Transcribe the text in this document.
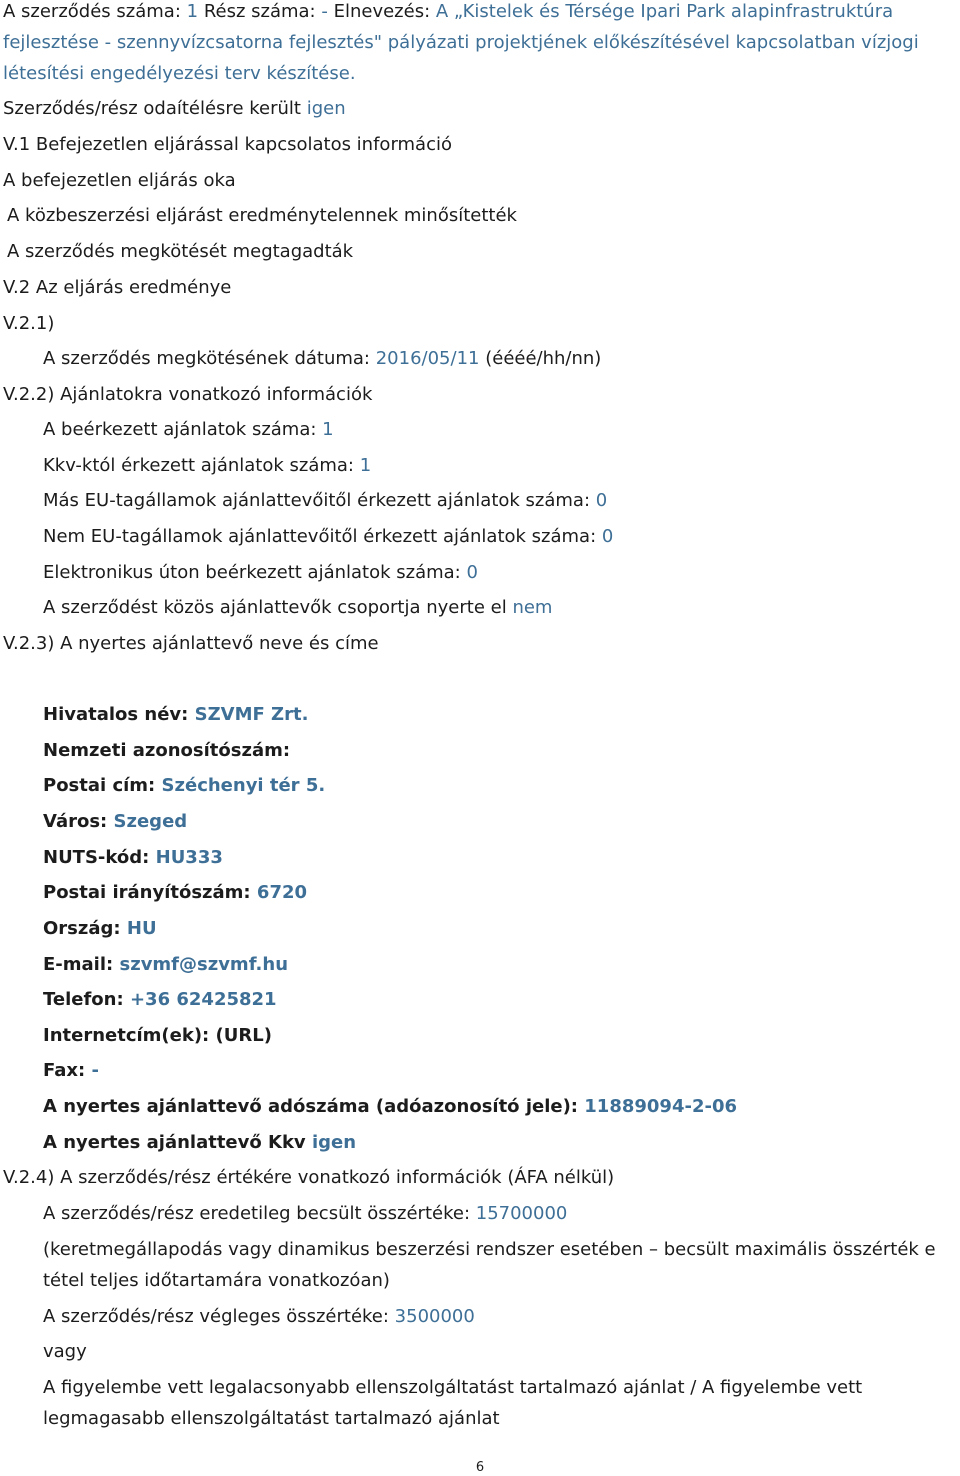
A szerződés száma: 1 Rész száma: - Elnevezés: A „Kistelek és Térsége Ipari Park alapinfrastruktúra
fejlesztése - szennyvízcsatorna fejlesztés" pályázati projektjének előkészítésével kapcsolatban vízjogi
létesítési engedélyezési terv készítése.
Szerződés/rész odaítélésre került igen
V.1 Befejezetlen eljárással kapcsolatos információ
A befejezetlen eljárás oka
A közbeszerzési eljárást eredménytelennek minősítették
A szerződés megkötését megtagadták
V.2 Az eljárás eredménye
V.2.1)
A szerződés megkötésének dátuma: 2016/05/11 (éééé/hh/nn)
V.2.2) Ajánlatokra vonatkozó információk
A beérkezett ajánlatok száma: 1
Kkv-któl érkezett ajánlatok száma: 1
Más EU-tagállamok ajánlattevőitől érkezett ajánlatok száma: 0
Nem EU-tagállamok ajánlattevőitől érkezett ajánlatok száma: 0
Elektronikus úton beérkezett ajánlatok száma: 0
A szerződést közös ajánlattevők csoportja nyerte el nem
V.2.3) A nyertes ajánlattevő neve és címe
Hivatalos név: SZVMF Zrt.
Nemzeti azonosítószám:
Postai cím: Széchenyi tér 5.
Város: Szeged
NUTS-kód: HU333
Postai irányítószám: 6720
Ország: HU
E-mail: szvmf@szvmf.hu
Telefon: +36 62425821
Internetcím(ek): (URL)
Fax: -
A nyertes ajánlattevő adószáma (adóazonosító jele): 11889094-2-06
A nyertes ajánlattevő Kkv igen
V.2.4) A szerződés/rész értékére vonatkozó információk (ÁFA nélkül)
A szerződés/rész eredetileg becsült összértéke: 15700000
(keretmegállapodás vagy dinamikus beszerzési rendszer esetében – becsült maximális összérték e
tétel teljes időtartamára vonatkozóan)
A szerződés/rész végleges összértéke: 3500000
vagy
A figyelembe vett legalacsonyabb ellenszolgáltatást tartalmazó ajánlat / A figyelembe vett
legmagasabb ellenszolgáltatást tartalmazó ajánlat
6
